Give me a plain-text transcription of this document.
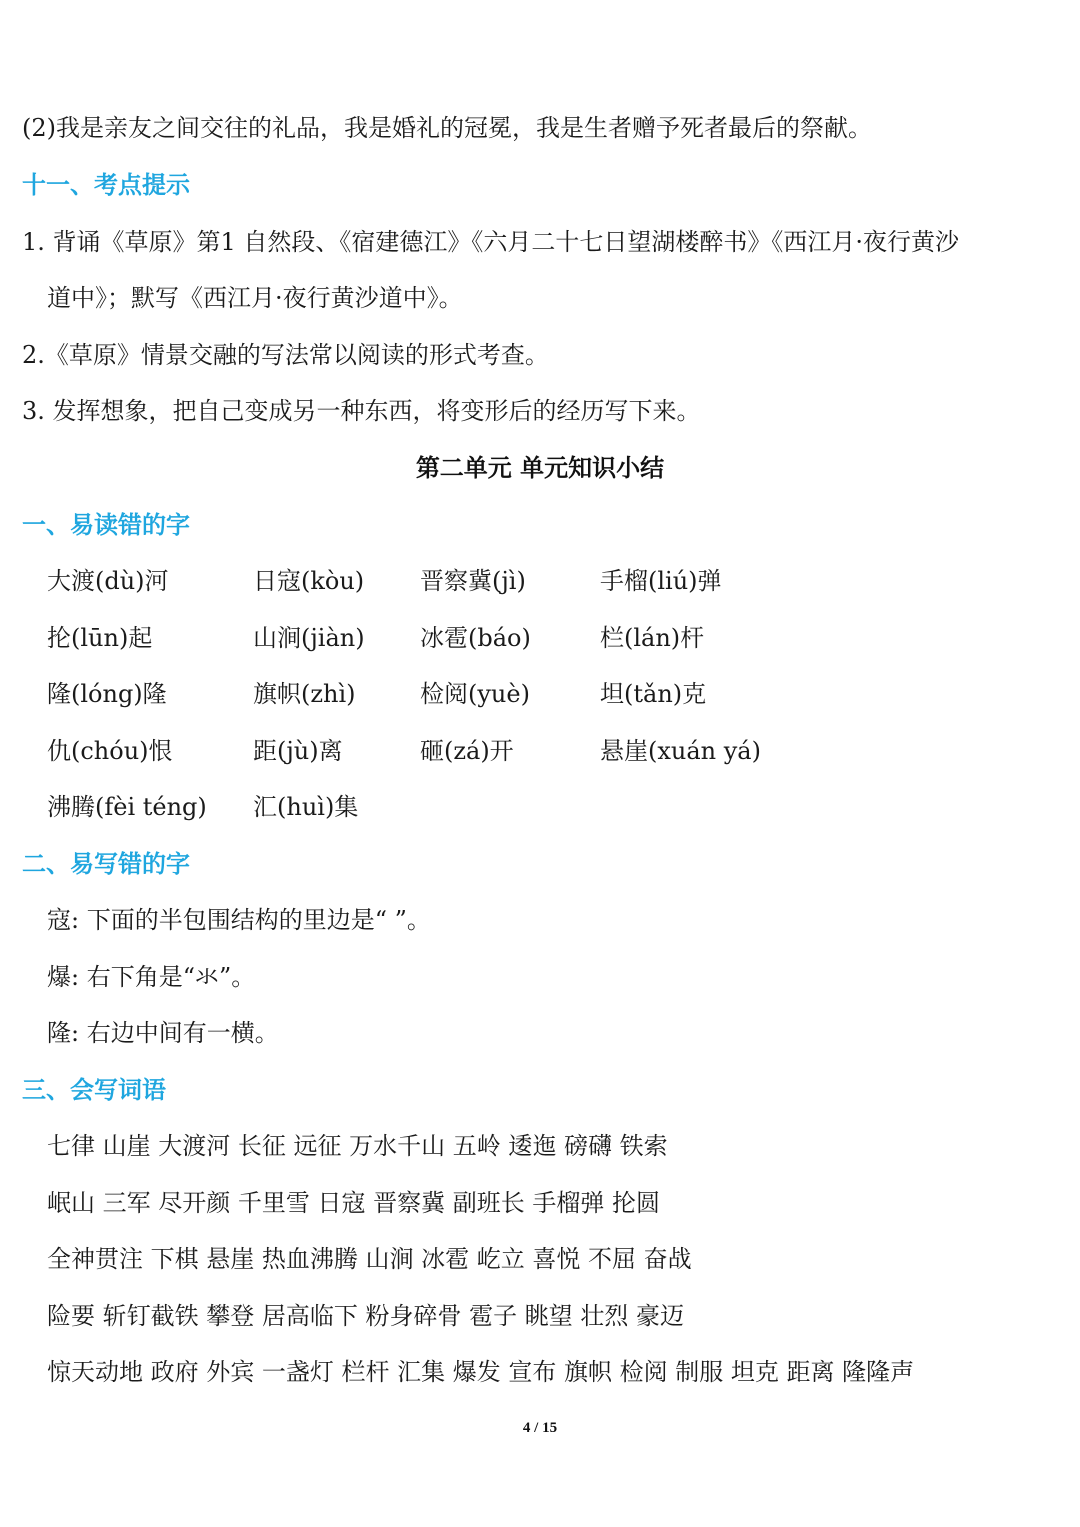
(2)我是亲友之间交往的礼品，我是婚礼的冠冕，我是生者赠予死者最后的祭献。
十一、考点提示
1. 背诵《草原》第1 自然段、《宿建德江》《六月二十七日望湖楼醉书》《西江月·夜行黄沙
道中》；默写《西江月·夜行黄沙道中》。
2.《草原》情景交融的写法常以阅读的形式考查。
3. 发挥想象，把自己变成另一种东西，将变形后的经历写下来。
第二单元 单元知识小结
一、易读错的字
大渡(dù)河	日寇(kòu) 晋察冀(jì)	手榴(liú)弹
抡(lūn)起	山涧(jiàn) 冰雹(báo)	栏(lán)杆
隆(lóng)隆	旗帜(zhì)	检阅(yuè)	坦(tǎn)克
仇(chóu)恨	距(jù)离	砸(zá)开	悬崖(xuán yá)
沸腾(fèi téng) 汇(huì)集
二、易写错的字
寇: 下面的半包围结构的里边是“ ”。
爆: 右下角是“氺”。
隆: 右边中间有一横。
三、会写词语
七律 山崖 大渡河 长征 远征 万水千山 五岭 逶迤 磅礴 铁索
岷山 三军 尽开颜 千里雪 日寇 晋察冀 副班长 手榴弹 抡圆
全神贯注 下棋 悬崖 热血沸腾 山涧 冰雹 屹立 喜悦 不屈 奋战
险要 斩钉截铁 攀登 居高临下 粉身碎骨 雹子 眺望 壮烈 豪迈
惊天动地 政府 外宾 一盏灯 栏杆 汇集 爆发 宣布 旗帜 检阅 制服 坦克 距离 隆隆声
4 / 15
